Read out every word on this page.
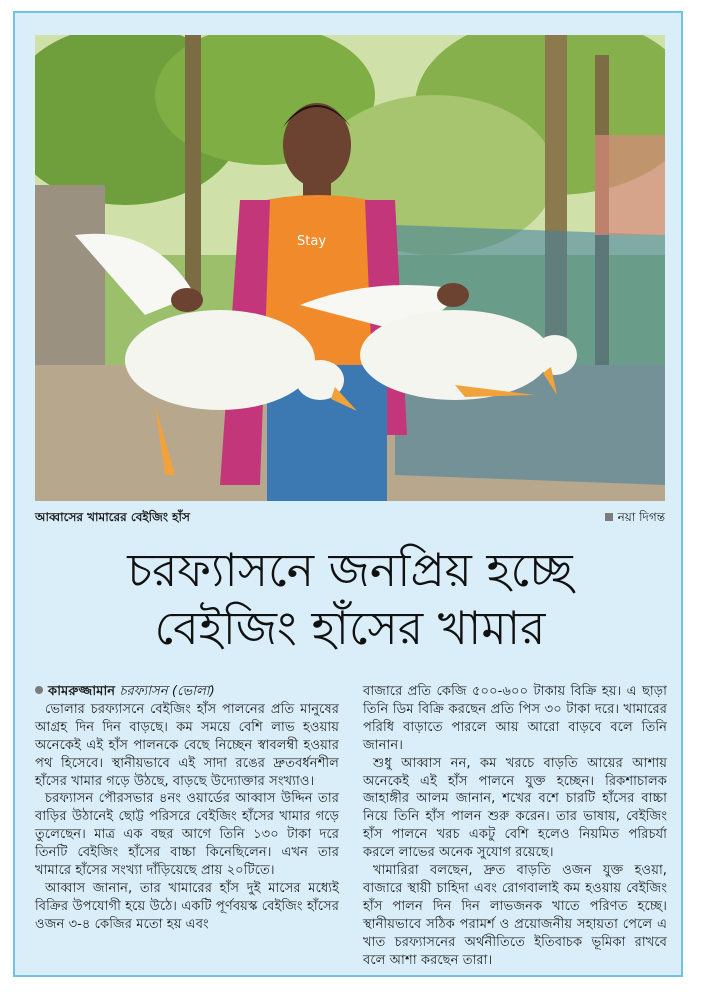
Stay
আব্বাসের খামারের বেইজিং হাঁস	নয়া দিগন্ত
চরফ্যাসনে জনপ্রিয় হচ্ছে
বেইজিং হাঁসের খামার

কামরুজ্জামান চরফ্যাসন (ভোলা)

ভোলার চরফ্যাসনে বেইজিং হাঁস পালনের প্রতি মানুষের আগ্রহ দিন দিন বাড়ছে। কম সময়ে বেশি লাভ হওয়ায় অনেকেই এই হাঁস পালনকে বেছে নিচ্ছেন স্বাবলম্বী হওয়ার পথ হিসেবে। স্থানীয়ভাবে এই সাদা রঙের দ্রুতবর্ধনশীল হাঁসের খামার গড়ে উঠছে, বাড়ছে উদ্যোক্তার সংখ্যাও।

চরফ্যাসন পৌরসভার ৪নং ওয়ার্ডের আব্বাস উদ্দিন তার বাড়ির উঠানেই ছোট্ট পরিসরে বেইজিং হাঁসের খামার গড়ে তুলেছেন। মাত্র এক বছর আগে তিনি ১৩০ টাকা দরে তিনটি বেইজিং হাঁসের বাচ্চা কিনেছিলেন। এখন তার খামারে হাঁসের সংখ্যা দাঁড়িয়েছে প্রায় ২০টিতে।

আব্বাস জানান, তার খামারের হাঁস দুই মাসের মধ্যেই বিক্রির উপযোগী হয়ে উঠে। একটি পূর্ণবয়স্ক বেইজিং হাঁসের ওজন ৩-৪ কেজির মতো হয় এবং

বাজারে প্রতি কেজি ৫০০-৬০০ টাকায় বিক্রি হয়। এ ছাড়া তিনি ডিম বিক্রি করছেন প্রতি পিস ৩০ টাকা দরে। খামারের পরিধি বাড়াতে পারলে আয় আরো বাড়বে বলে তিনি জানান।

শুধু আব্বাস নন, কম খরচে বাড়তি আয়ের আশায় অনেকেই এই হাঁস পালনে যুক্ত হচ্ছেন। রিকশাচালক জাহাঙ্গীর আলম জানান, শখের বশে চারটি হাঁসের বাচ্চা নিয়ে তিনি হাঁস পালন শুরু করেন। তার ভাষায়, বেইজিং হাঁস পালনে খরচ একটু বেশি হলেও নিয়মিত পরিচর্যা করলে লাভের অনেক সুযোগ রয়েছে।

খামারিরা বলছেন, দ্রুত বাড়তি ওজন যুক্ত হওয়া, বাজারে স্থায়ী চাহিদা এবং রোগবালাই কম হওয়ায় বেইজিং হাঁস পালন দিন দিন লাভজনক খাতে পরিণত হচ্ছে। স্থানীয়ভাবে সঠিক পরামর্শ ও প্রয়োজনীয় সহায়তা পেলে এ খাত চরফ্যাসনের অর্থনীতিতে ইতিবাচক ভূমিকা রাখবে বলে আশা করছেন তারা।
